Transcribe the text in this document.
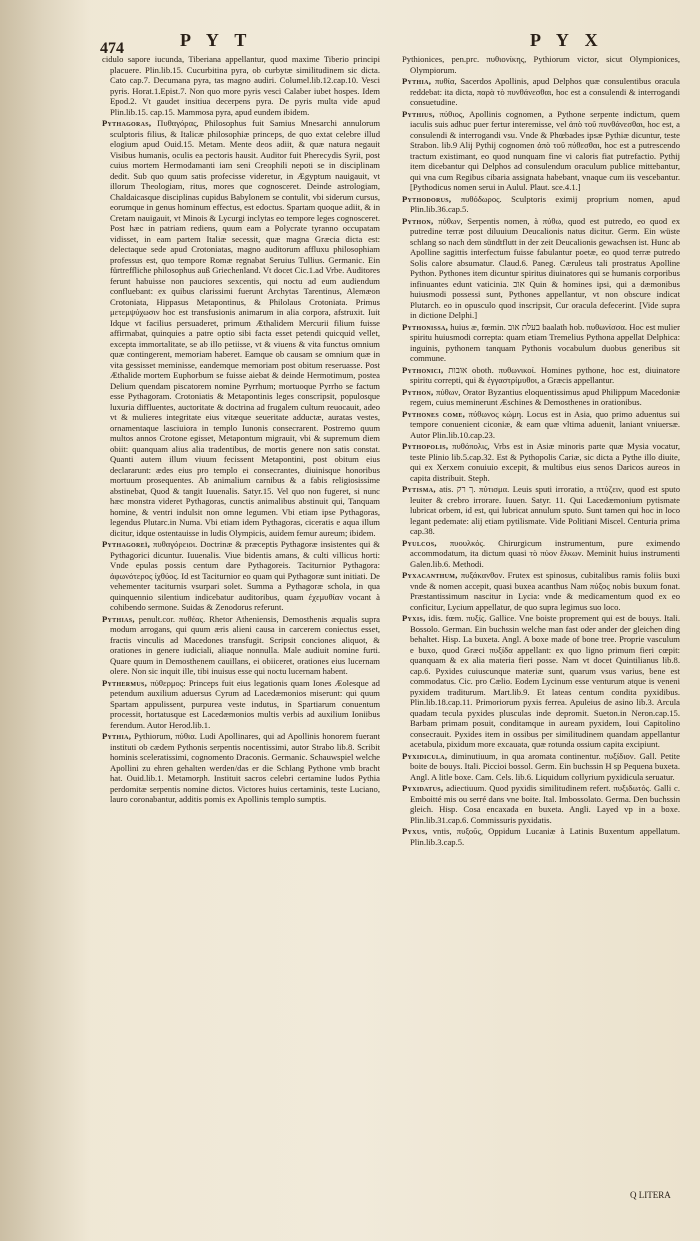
474	P Y T	P Y X

cidulo sapore iucunda, Tiberiana appellantur, quod maxime Tiberio principi placuere. Plin.lib.15. Cucurbitina pyra, ob curbytæ similitudinem sic dicta. Cato cap.7. Decumana pyra, tas magno audiri. Columel.lib.12.cap.10. Vesci pyris. Horat.1.Epist.7. Non quo more pyris vesci Calaber iubet hospes. Idem Epod.2. Vt gaudet insitiua decerpens pyra. De pyris multa vide apud Plin.lib.15. cap.15. Mammosa pyra, apud eundem ibidem.

Pythagoras, Πυθαγόρας, Philosophus fuit Samius Mnesarchi annulorum sculptoris filius, & Italicæ philosophiæ princeps, de quo extat celebre illud elogium apud Ouid.15. Metam. Mente deos adiit, & quæ natura negauit Visibus humanis, oculis ea pectoris hausit. Auditor fuit Pherecydis Syrii, post cuius mortem Hermodamanti iam seni Creophili nepoti se in disciplinam dedit. Sub quo quum satis profecisse videretur, in Ægyptum nauigauit, vt illorum Theologiam, ritus, mores que cognosceret. Deinde astrologiam, Chaldaicasque disciplinas cupidus Babylonem se contulit, vbi siderum cursus, eorumque in genus hominum effectus, est edoctus. Spartam quoque adiit, & in Cretam nauigauit, vt Minois & Lycurgi inclytas eo tempore leges cognosceret. Post hæc in patriam rediens, quum eam a Polycrate tyranno occupatam vidisset, in eam partem Italiæ secessit, quæ magna Græcia dicta est: delectaque sede apud Crotoniatas, magno auditorum affluxu philosophiam professus est, quo tempore Romæ regnabat Seruius Tullius. Germanic. Ein fürtreffliche philosophus auß Griechenland. Vt docet Cic.1.ad Vrbe. Auditores ferunt habuisse non pauciores sexcentis, qui noctu ad eum audiendum confluebant: ex quibus clarissimi fuerunt Archytas Tarentinus, Alemæon Crotoniata, Hippasus Metapontinus, & Philolaus Crotoniata. Primus μετεμψύχωσιν hoc est transfusionis animarum in alia corpora, afstruxit. Iuit Idque vt facilius persuaderet, primum Æthalidem Mercurii filium fuisse affirmabat, quinquies a patre optio sibi facta esset petendi quicquid vellet, excepta immortalitate, se ab illo petiisse, vt & viuens & vita functus omnium quæ contingerent, memoriam haberet. Eamque ob causam se omnium quæ in vita gessisset meminisse, eandemque memoriam post obitum reseruasse. Post Æthalide mortem Euphorbum se fuisse aiebat & deinde Hermotimum, postea Delium quendam piscatorem nomine Pyrrhum; mortuoque Pyrrho se factum esse Pythagoram. Crotoniatis & Metapontinis leges conscripsit, populosque luxuria diffluentes, auctoritate & doctrina ad frugalem cultum reuocauit, adeo vt & mulieres integritate eius vitæque seueritate adductæ, auratas vestes, ornamentaque lasciuiora in templo Iunonis consecrarent. Postremo quum multos annos Crotone egisset, Metapontum migrauit, vbi & supremum diem obiit: quanquam alius alia tradentibus, de mortis genere non satis constat. Quanti autem illum viuum fecissent Metapontini, post obitum eius declararunt: ædes eius pro templo ei consecrantes, diuinisque honoribus mortuum prosequentes. Ab animalium carnibus & a fabis religiosissime abstinebat, Quod & tangit Iuuenalis. Satyr.15. Vel quo non fugeret, si nunc hæc monstra videret Pythagoras, cunctis animalibus abstinuit qui, Tanquam homine, & ventri indulsit non omne legumen. Vbi etiam ipse Pythagoras, legendus Plutarc.in Numa. Vbi etiam idem Pythagoras, ciceratis e aqua illum dicitur, idque ostentauisse in ludis Olympicis, auidem femur aureum; ibidem.

Pythagoreï, πυθαγόρειοι. Doctrinæ & præceptis Pythagoræ insistentes qui & Pythagorici dicuntur. Iuuenalis. Viue bidentis amans, & culti villicus horti: Vnde epulas possis centum dare Pythagoreis. Taciturnior Pythagora: ἀφωνότερος ἰχθύος. Id est Taciturnior eo quam qui Pythagoræ sunt initiati. De vehementer taciturnis vsurpari solet. Summa a Pythagoræ schola, in qua quinquennio silentium indicebatur auditoribus, quam ἐχεμυθίαν vocant à cohibendo sermone. Suidas & Zenodorus referunt.

Pythias, penult.cor. πυθέας. Rhetor Atheniensis, Demosthenis æqualis supra modum arrogans, qui quum æris alieni causa in carcerem coniectus esset, fractis vinculis ad Macedones transfugit. Scripsit conciones aliquot, & orationes in genere iudiciali, aliaque nonnulla. Male audiuit nomine furti. Quare quum in Demosthenem cauillans, ei obiiceret, orationes eius lucernam olere. Non sic inquit ille, tibi inuisus esse qui noctu lucernam habent.

Pythermus, πύθερμος: Princeps fuit eius legationis quam Iones Æolesque ad petendum auxilium aduersus Cyrum ad Lacedæmonios miserunt: qui quum Spartam appulissent, purpurea veste indutus, in Spartiarum conuentum processit, hortatusque est Lacedæmonios multis verbis ad auxilium Ioniibus ferendum. Autor Herod.lib.1.

Pythia, Pythiorum, πύθια. Ludi Apollinares, qui ad Apollinis honorem fuerant instituti ob cædem Pythonis serpentis nocentissimi, autor Strabo lib.8. Scribit hominis sceleratissimi, cognomento Draconis. Germanic. Schauwspiel welche Apollini zu ehren gehalten werden/das er die Schlang Pythone vmb bracht hat. Ouid.lib.1. Metamorph. Instituit sacros celebri certamine ludos Pythia perdomitæ serpentis nomine dictos. Victores huius certaminis, teste Luciano, lauro coronabantur, additis pomis ex Apollinis templo sumptis.

Pythionices, pen.prc. πυθιονίκης, Pythiorum victor, sicut Olympionices, Olympiorum.

Pythia, πυθία, Sacerdos Apollinis, apud Delphos quæ consulentibus oracula reddebat: ita dicta, παρὰ τὸ πυνθάνεσθαι, hoc est a consulendi & interrogandi consuetudine.

Pythius, πύθιος, Apollinis cognomen, a Pythone serpente indictum, quem iaculis suis adhuc puer fertur interemisse, vel ἀπὸ τοῦ πυνθάνεσθαι, hoc est, a consulendi & interrogandi vsu. Vnde & Phœbades ipsæ Pythiæ dicuntur, teste Strabon. lib.9 Alij Pythij cognomen ἀπὸ τοῦ πύθεσθαι, hoc est a putrescendo tractum existimant, eo quod nunquam fine vi caloris fiat putrefactio. Pythij item dicebantur qui Delphos ad consulendum oraculum publice mittebantur, qui vna cum Regibus cibaria assignata habebant, vnaque cum iis vescebantur. [Pythodicus nomen serui in Aulul. Plaut. sce.4.1.]

Pythodorus, πυθόδωρος. Sculptoris eximij proprium nomen, apud Plin.lib.36.cap.5.

Python, πύθων, Serpentis nomen, à πύθω, quod est putredo, eo quod ex putredine terræ post diluuium Deucalionis natus dicitur. Germ. Ein wüste schlang so nach dem sündtflutt in der zeit Deucalionis gewachsen ist. Hunc ab Apolline sagittis interfectum fuisse fabulantur poetæ, eo quod terræ putredo Solis calore absumatur. Claud.6. Paneg. Cæruleus tali prostratus Apolline Python. Pythones item dicuntur spiritus diuinatores qui se humanis corporibus infinuantes edunt vaticinia. אוב Quin & homines ipsi, qui a dæmonibus huiusmodi possessi sunt, Pythones appellantur, vt non obscure indicat Plutarch. eo in opusculo quod inscripsit, Cur oracula defecerint. [Vide supra in dictione Delphi.]

Pythonissa, huius æ, fœmin. בעלת אוב baalath hob. πυθωνίσσα. Hoc est mulier spiritu huiusmodi correpta: quam etiam Tremelius Pythona appellat Delphica: inguinis, pythonem tanquam Pythonis vocabulum duobus generibus sit commune.

Pythonici, אובות oboth. πυθωνικοί. Homines pythone, hoc est, diuinatore spiritu correpti, qui & ἐγγαστρίμυθοι, a Græcis appellantur.

Python, πύθων, Orator Byzantius eloquentissimus apud Philippum Macedoniæ regem, cuius meminerunt Æschines & Demosthenes in orationibus.

Pythones come, πύθωνος κώμη. Locus est in Asia, quo primo aduentus sui tempore conuenient ciconiæ, & eam quæ vltima aduenit, laniant vniuersæ. Autor Plin.lib.10.cap.23.

Pythopolis, πυθόπολις, Vrbs est in Asiæ minoris parte quæ Mysia vocatur, teste Plinio lib.5.cap.32. Est & Pythopolis Cariæ, sic dicta a Pythe illo diuite, qui ex Xerxem conuiuio excepit, & multibus eius senos Daricos aureos in capita distribuit. Steph.

Pytisma, atis. ך רק. πύτισμα. Leuis sputi irroratio, a πτύζειν, quod est sputo leuiter & crebro irrorare. Iuuen. Satyr. 11. Qui Lacedæmonium pytismate lubricat orbem, id est, qui lubricat annulum sputo. Sunt tamen qui hoc in loco legant pedemate: alij etiam pytilismate. Vide Politiani Miscel. Centuria prima cap.38.

Pyulcos, πυουλκός. Chirurgicum instrumentum, pure eximendo accommodatum, ita dictum quasi τὸ πύον ἕλκων. Meminit huius instrumenti Galen.lib.6. Methodi.

Pyxacanthum, πυξάκανθον. Frutex est spinosus, cubitalibus ramis foliis buxi vnde & nomen accepit, quasi buxea acanthus Nam πύξος nobis buxum fonat. Præstantissimum nascitur in Lycia: vnde & medicamentum quod ex eo conficitur, Lycium appellatur, de quo supra legimus suo loco.

Pyxis, idis. fœm. πυξίς. Gallice. Vne boiste proprement qui est de bouys. Itali. Bossolo. German. Ein buchssin welche man fast oder ander der gleichen ding behaltet. Hisp. La buxeta. Angl. A boxe made of bone tree. Proprie vasculum e buxo, quod Græci πυξίδα appellant: ex quo ligno primum fieri cœpit: quanquam & ex alia materia fieri posse. Nam vt docet Quintilianus lib.8. cap.6. Pyxides cuiuscunque materiæ sunt, quarum vsus varius, bene est commodatus. Cic. pro Cælio. Eodem Lycinum esse venturum atque is veneni pyxidem traditurum. Mart.lib.9. Et lateas centum condita pyxidibus. Plin.lib.18.cap.11. Primoriorum pyxis ferrea. Apuleius de asino lib.3. Arcula quadam tecula pyxides plusculas inde depromit. Sueton.in Neron.cap.15. Barbam primam posuit, conditamque in auream pyxidem, Ioui Capitolino consecrauit. Pyxides item in ossibus per similitudinem quandam appellantur acetabula, pixidum more excauata, quæ rotunda ossium capita excipiunt.

Pyxidicula, diminutiuum, in qua aromata continentur. πυξίδιον. Gall. Petite boite de bouys. Itali. Piccioi bossol. Germ. Ein buchssin H sp Pequena buxeta. Angl. A litle boxe. Cam. Cels. lib.6. Liquidum collyrium pyxidicula seruatur.

Pyxidatus, adiectiuum. Quod pyxidis similitudinem refert. πυξιδωτός. Galli c. Emboitté mis ou serré dans vne boite. Ital. Imbossolato. Germa. Den buchssin gleich. Hisp. Cosa encaxada en buxeta. Angli. Layed vp in a boxe. Plin.lib.31.cap.6. Commissuris pyxidatis.

Pyxus, vntis, πυξοῦς, Oppidum Lucaniæ à Latinis Buxentum appellatum. Plin.lib.3.cap.5.

Q LITERA
